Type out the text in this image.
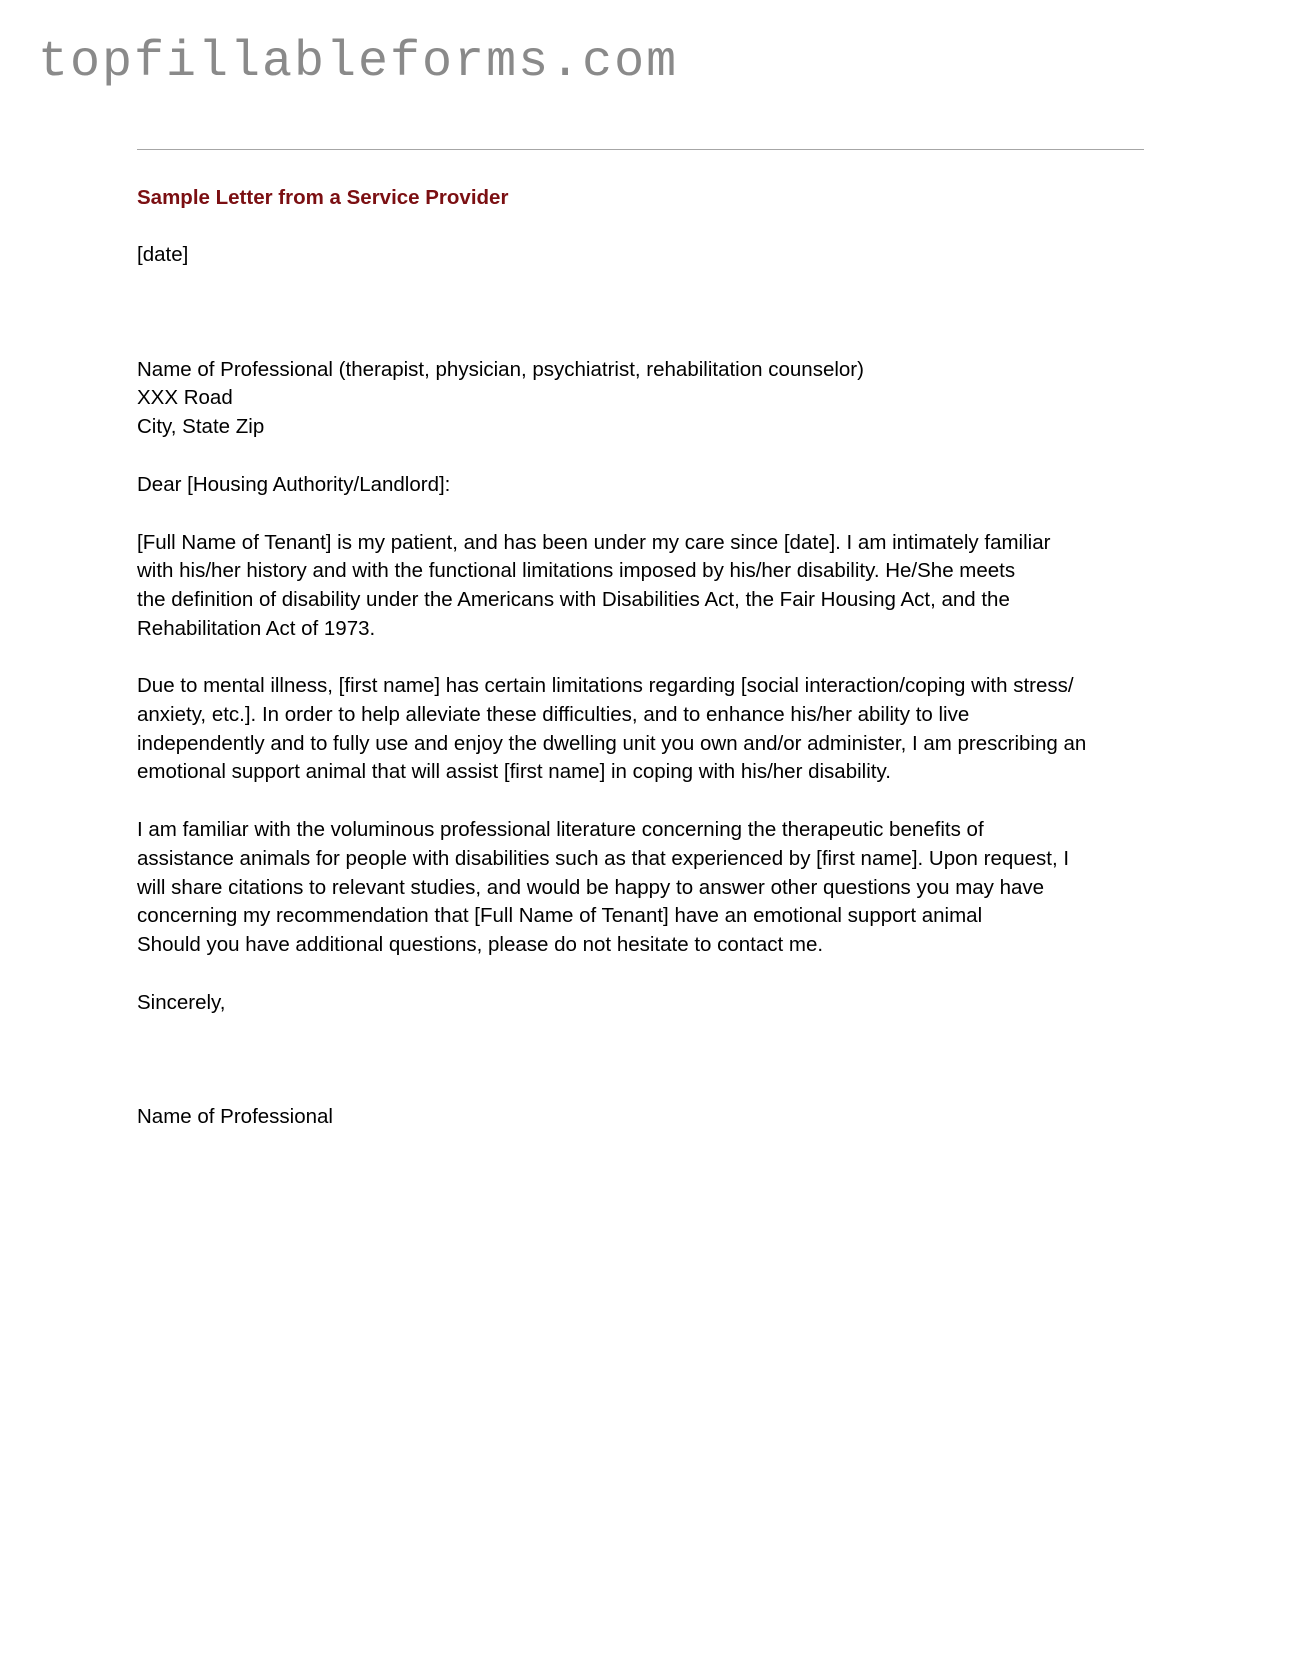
topfillableforms.com

Sample Letter from a Service Provider

[date]
Name of Professional (therapist, physician, psychiatrist, rehabilitation counselor)
XXX Road
City, State Zip
Dear [Housing Authority/Landlord]:
[Full Name of Tenant] is my patient, and has been under my care since [date]. I am intimately familiar
with his/her history and with the functional limitations imposed by his/her disability. He/She meets
the definition of disability under the Americans with Disabilities Act, the Fair Housing Act, and the
Rehabilitation Act of 1973.
Due to mental illness, [first name] has certain limitations regarding [social interaction/coping with stress/
anxiety, etc.]. In order to help alleviate these difficulties, and to enhance his/her ability to live
independently and to fully use and enjoy the dwelling unit you own and/or administer, I am prescribing an
emotional support animal that will assist [first name] in coping with his/her disability.
I am familiar with the voluminous professional literature concerning the therapeutic benefits of
assistance animals for people with disabilities such as that experienced by [first name]. Upon request, I
will share citations to relevant studies, and would be happy to answer other questions you may have
concerning my recommendation that [Full Name of Tenant] have an emotional support animal
Should you have additional questions, please do not hesitate to contact me.
Sincerely,
Name of Professional
